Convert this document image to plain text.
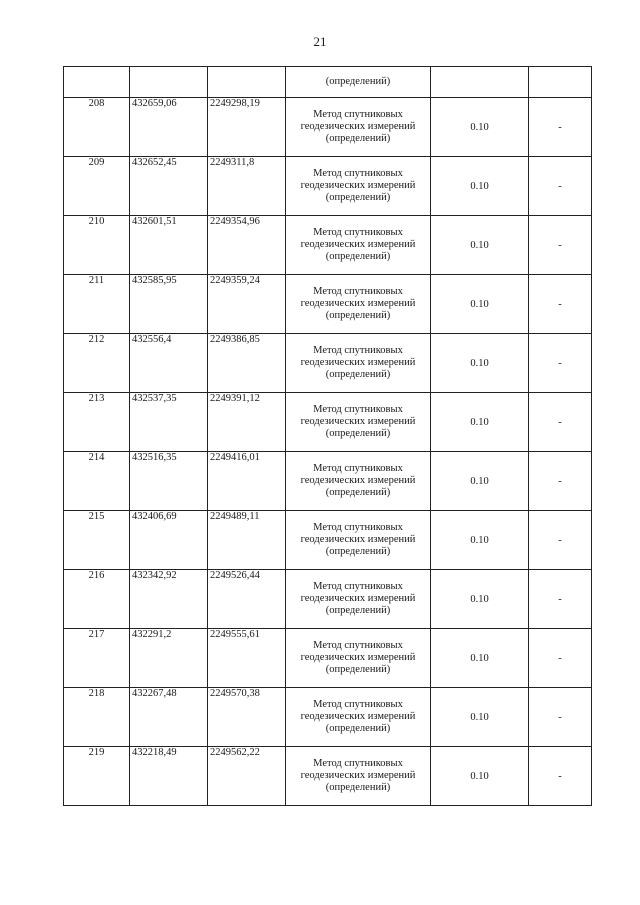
21
			(определений)		
208	432659,06	2249298,19	Метод спутниковых
геодезических измерений
(определений)	0.10	-
209	432652,45	2249311,8	Метод спутниковых
геодезических измерений
(определений)	0.10	-
210	432601,51	2249354,96	Метод спутниковых
геодезических измерений
(определений)	0.10	-
211	432585,95	2249359,24	Метод спутниковых
геодезических измерений
(определений)	0.10	-
212	432556,4	2249386,85	Метод спутниковых
геодезических измерений
(определений)	0.10	-
213	432537,35	2249391,12	Метод спутниковых
геодезических измерений
(определений)	0.10	-
214	432516,35	2249416,01	Метод спутниковых
геодезических измерений
(определений)	0.10	-
215	432406,69	2249489,11	Метод спутниковых
геодезических измерений
(определений)	0.10	-
216	432342,92	2249526,44	Метод спутниковых
геодезических измерений
(определений)	0.10	-
217	432291,2	2249555,61	Метод спутниковых
геодезических измерений
(определений)	0.10	-
218	432267,48	2249570,38	Метод спутниковых
геодезических измерений
(определений)	0.10	-
219	432218,49	2249562,22	Метод спутниковых
геодезических измерений
(определений)	0.10	-
